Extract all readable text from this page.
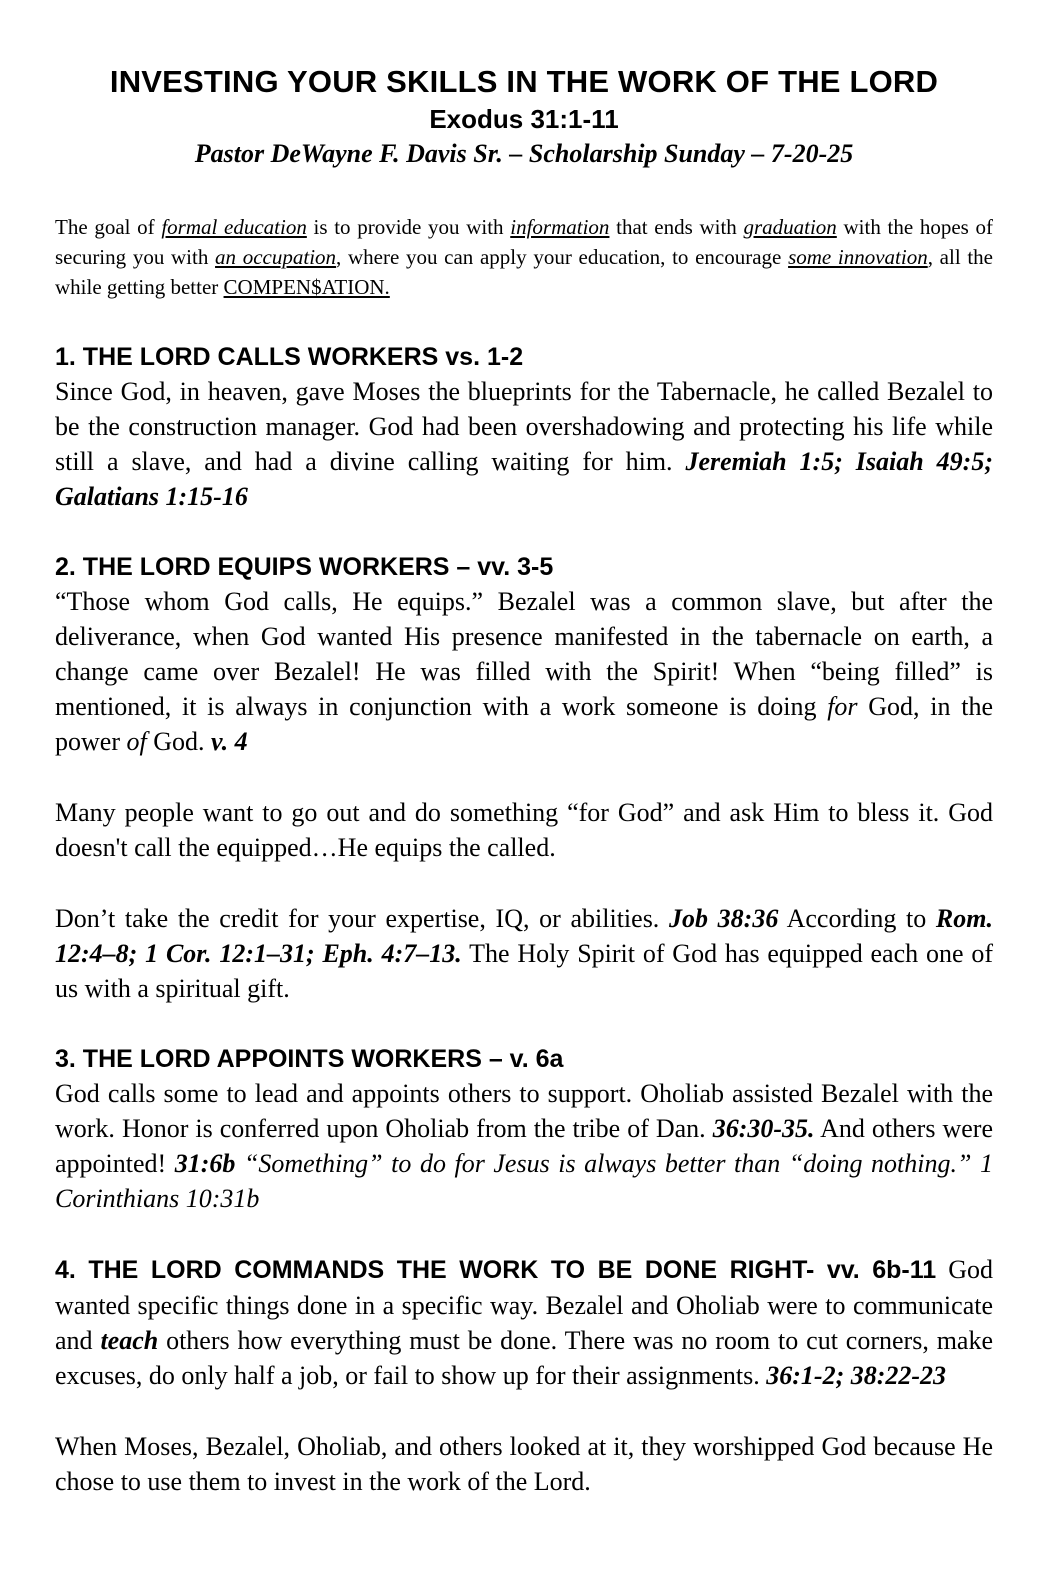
INVESTING YOUR SKILLS IN THE WORK OF THE LORD
Exodus 31:1-11
Pastor DeWayne F. Davis Sr. – Scholarship Sunday – 7-20-25

The goal of formal education is to provide you with information that ends with graduation with the hopes of securing you with an occupation, where you can apply your education, to encourage some innovation, all the while getting better COMPEN$ATION.

1. THE LORD CALLS WORKERS vs. 1-2

Since God, in heaven, gave Moses the blueprints for the Tabernacle, he called Bezalel to be the construction manager. God had been overshadowing and protecting his life while still a slave, and had a divine calling waiting for him. Jeremiah 1:5; Isaiah 49:5; Galatians 1:15-16

2. THE LORD EQUIPS WORKERS – vv. 3-5

“Those whom God calls, He equips.” Bezalel was a common slave, but after the deliverance, when God wanted His presence manifested in the tabernacle on earth, a change came over Bezalel! He was filled with the Spirit! When “being filled” is mentioned, it is always in conjunction with a work someone is doing for God, in the power of God. v. 4

Many people want to go out and do something “for God” and ask Him to bless it. God doesn't call the equipped…He equips the called.

Don’t take the credit for your expertise, IQ, or abilities. Job 38:36 According to Rom. 12:4–8; 1 Cor. 12:1–31; Eph. 4:7–13. The Holy Spirit of God has equipped each one of us with a spiritual gift.

3. THE LORD APPOINTS WORKERS – v. 6a

God calls some to lead and appoints others to support. Oholiab assisted Bezalel with the work. Honor is conferred upon Oholiab from the tribe of Dan. 36:30-35. And others were appointed! 31:6b “Something” to do for Jesus is always better than “doing nothing.” 1 Corinthians 10:31b

4. THE LORD COMMANDS THE WORK TO BE DONE RIGHT- vv. 6b-11 God wanted specific things done in a specific way. Bezalel and Oholiab were to communicate and teach others how everything must be done. There was no room to cut corners, make excuses, do only half a job, or fail to show up for their assignments. 36:1-2; 38:22-23

When Moses, Bezalel, Oholiab, and others looked at it, they worshipped God because He chose to use them to invest in the work of the Lord.
